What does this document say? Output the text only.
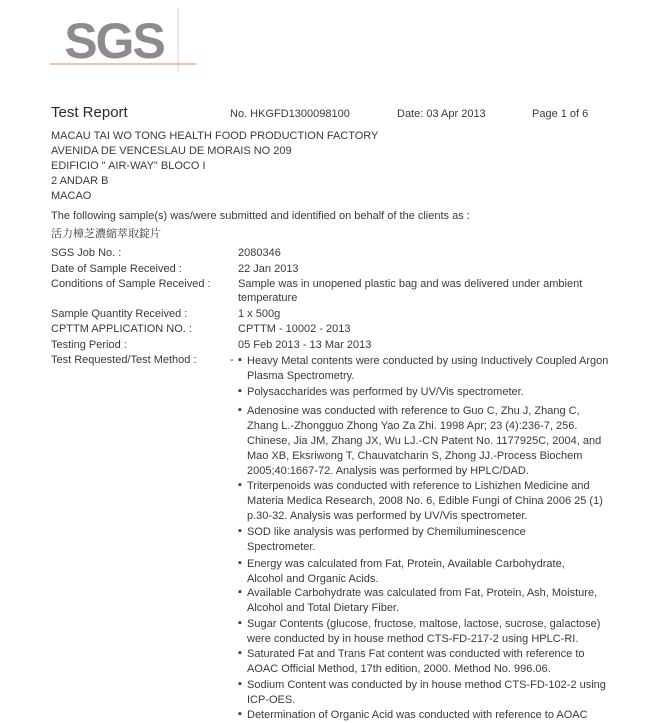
SGS
Test Report	No. HKGFD1300098100	Date: 03 Apr 2013	Page 1 of 6
MACAU TAI WO TONG HEALTH FOOD PRODUCTION FACTORY
AVENIDA DE VENCESLAU DE MORAIS NO 209
EDIFICIO " AIR-WAY" BLOCO I
2 ANDAR B
MACAO
The following sample(s) was/were submitted and identified on behalf of the clients as :
活力樟芝濃縮萃取錠片
SGS Job No. :	2080346
Date of Sample Received :	22 Jan 2013
Conditions of Sample Received : Sample was in unopened plastic bag and was delivered under ambient
temperature
Sample Quantity Received :	1 x 500g
CPTTM APPLICATION NO. :	CPTTM - 10002 - 2013
Testing Period :	05 Feb 2013 - 13 Mar 2013
Test Requested/Test Method :	- ▪ Heavy Metal contents were conducted by using Inductively Coupled Argon Plasma Spectrometry.
▪ Polysaccharides was performed by UV/Vis spectrometer.
▪ Adenosine was conducted with reference to Guo C, Zhu J, Zhang C, Zhang L.-Zhongguo Zhong Yao Za Zhi. 1998 Apr; 23 (4):236-7, 256. Chinese, Jia JM, Zhang JX, Wu LJ.-CN Patent No. 1177925C, 2004, and Mao XB, Eksriwong T, Chauvatcharin S, Zhong JJ.-Process Biochem 2005;40:1667-72. Analysis was performed by HPLC/DAD.
▪ Triterpenoids was conducted with reference to Lishizhen Medicine and Materia Medica Research, 2008 No. 6, Edible Fungi of China 2006 25 (1) p.30-32. Analysis was performed by UV/Vis spectrometer.
▪ SOD like analysis was performed by Chemiluminescence Spectrometer.
▪ Energy was calculated from Fat, Protein, Available Carbohydrate, Alcohol and Organic Acids.
▪ Available Carbohydrate was calculated from Fat, Protein, Ash, Moisture, Alcohol and Total Dietary Fiber.
▪ Sugar Contents (glucose, fructose, maltose, lactose, sucrose, galactose) were conducted by in house method CTS-FD-217-2 using HPLC-RI.
▪ Saturated Fat and Trans Fat content was conducted with reference to AOAC Official Method, 17th edition, 2000. Method No. 996.06.
▪ Sodium Content was conducted by in house method CTS-FD-102-2 using ICP-OES.
▪ Determination of Organic Acid was conducted with reference to AOAC
